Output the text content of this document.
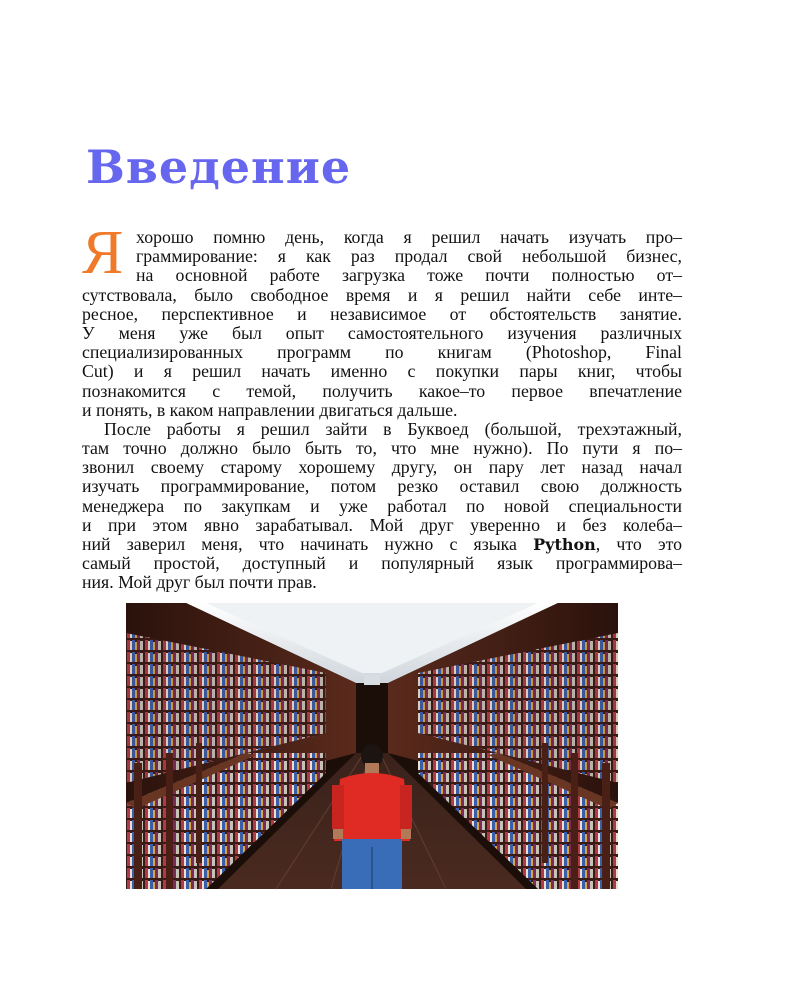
Введение
Я хорошо помню день, когда я решил начать изучать про–
граммирование: я как раз продал свой небольшой бизнес,
на основной работе загрузка тоже почти полностью от–
сутствовала, было свободное время и я решил найти себе инте–
ресное, перспективное и независимое от обстоятельств занятие.
У меня уже был опыт самостоятельного изучения различных
специализированных программ по книгам (Photoshop, Final
Cut) и я решил начать именно с покупки пары книг, чтобы
познакомится с темой, получить какое–то первое впечатление
и понять, в каком направлении двигаться дальше.
После работы я решил зайти в Буквоед (большой, трехэтажный,
там точно должно было быть то, что мне нужно). По пути я по–
звонил своему старому хорошему другу, он пару лет назад начал
изучать программирование, потом резко оставил свою должность
менеджера по закупкам и уже работал по новой специальности
и при этом явно зарабатывал. Мой друг уверенно и без колеба–
ний заверил меня, что начинать нужно с языка Python, что это
самый простой, доступный и популярный язык программирова–
ния. Мой друг был почти прав.
